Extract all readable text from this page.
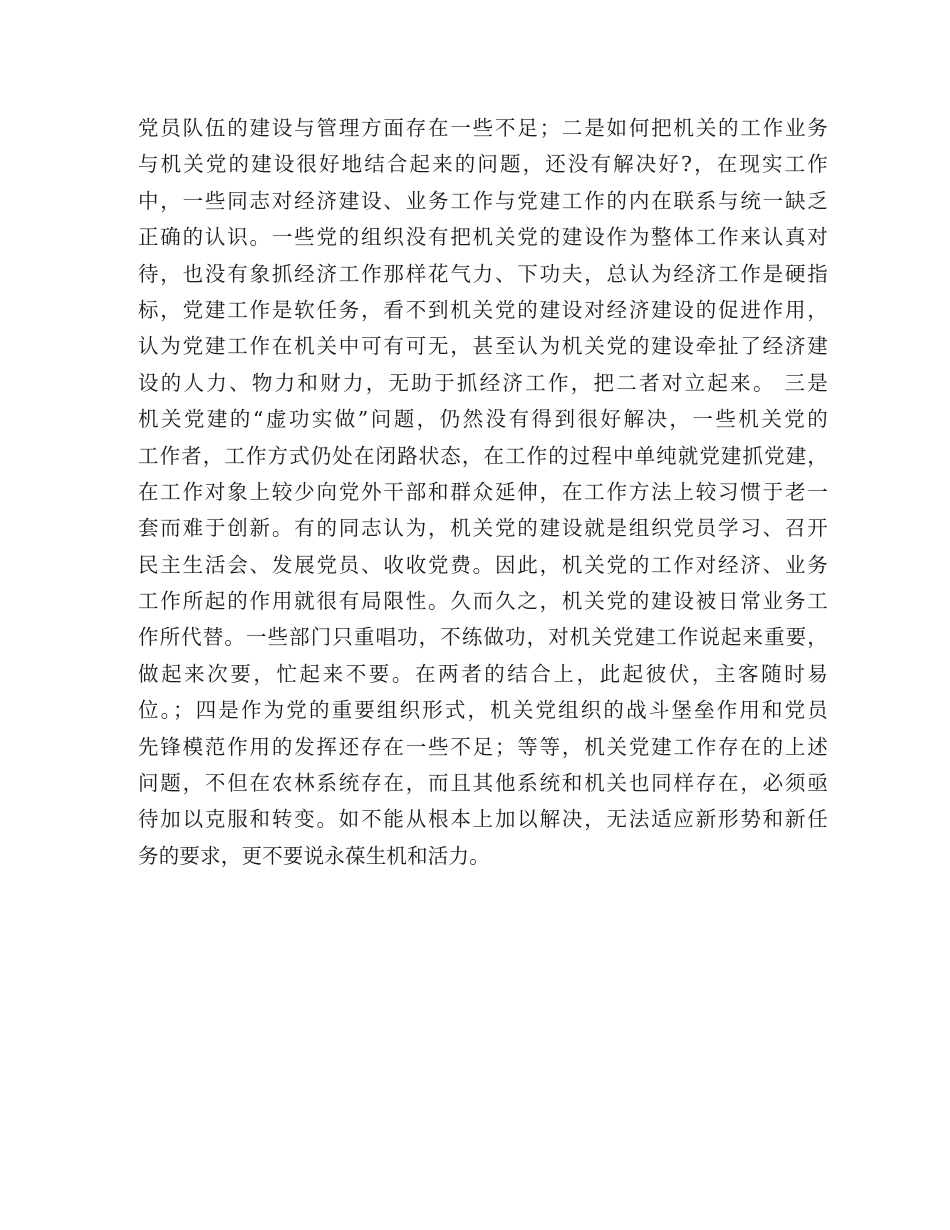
党员队伍的建设与管理方面存在一些不足；二是如何把机关的工作业务
与机关党的建设很好地结合起来的问题，还没有解决好?，在现实工作
中，一些同志对经济建设、业务工作与党建工作的内在联系与统一缺乏
正确的认识。一些党的组织没有把机关党的建设作为整体工作来认真对
待，也没有象抓经济工作那样花气力、下功夫，总认为经济工作是硬指
标，党建工作是软任务，看不到机关党的建设对经济建设的促进作用，
认为党建工作在机关中可有可无，甚至认为机关党的建设牵扯了经济建
设的人力、物力和财力，无助于抓经济工作，把二者对立起来。 三是
机关党建的“虚功实做”问题，仍然没有得到很好解决，一些机关党的
工作者，工作方式仍处在闭路状态，在工作的过程中单纯就党建抓党建，
在工作对象上较少向党外干部和群众延伸，在工作方法上较习惯于老一
套而难于创新。有的同志认为，机关党的建设就是组织党员学习、召开
民主生活会、发展党员、收收党费。因此，机关党的工作对经济、业务
工作所起的作用就很有局限性。久而久之，机关党的建设被日常业务工
作所代替。一些部门只重唱功，不练做功，对机关党建工作说起来重要，
做起来次要，忙起来不要。在两者的结合上，此起彼伏，主客随时易
位。；四是作为党的重要组织形式，机关党组织的战斗堡垒作用和党员
先锋模范作用的发挥还存在一些不足；等等，机关党建工作存在的上述
问题，不但在农林系统存在，而且其他系统和机关也同样存在，必须亟
待加以克服和转变。如不能从根本上加以解决，无法适应新形势和新任
务的要求，更不要说永葆生机和活力。
